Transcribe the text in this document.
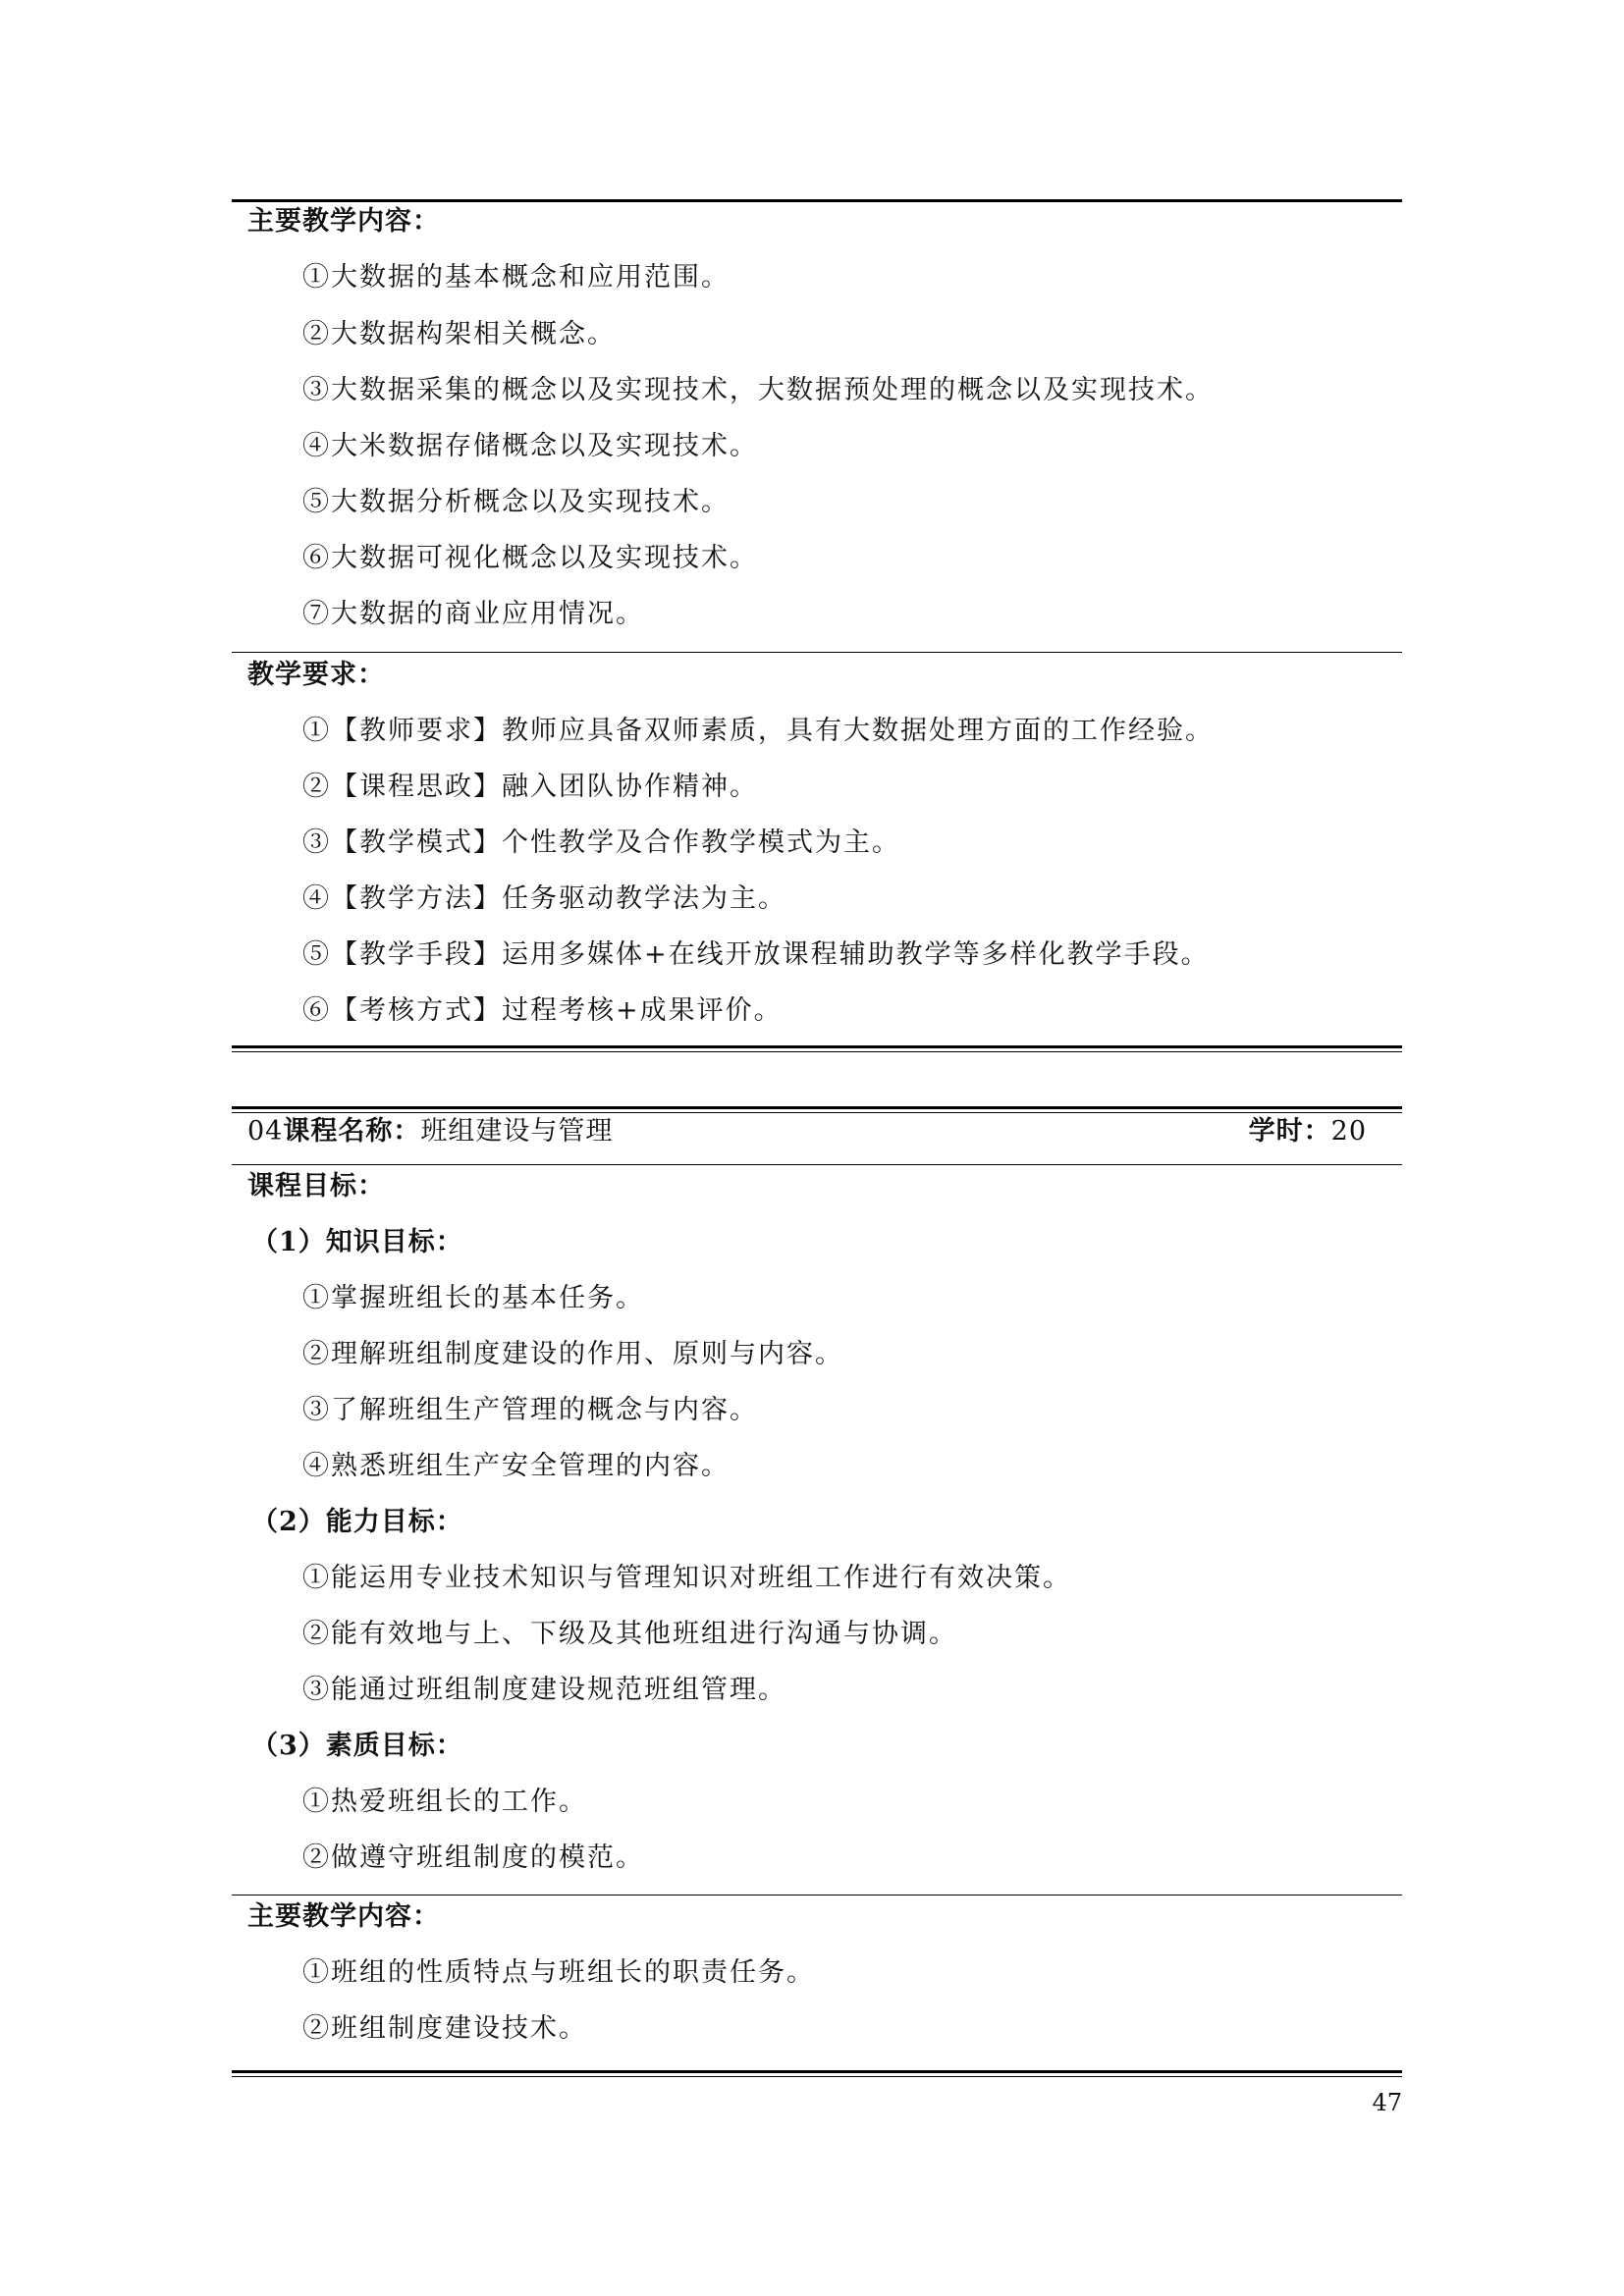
主要教学内容：
①大数据的基本概念和应用范围。
②大数据构架相关概念。
③大数据采集的概念以及实现技术，大数据预处理的概念以及实现技术。
④大米数据存储概念以及实现技术。
⑤大数据分析概念以及实现技术。
⑥大数据可视化概念以及实现技术。
⑦大数据的商业应用情况。
教学要求：
①【教师要求】教师应具备双师素质，具有大数据处理方面的工作经验。
②【课程思政】融入团队协作精神。
③【教学模式】个性教学及合作教学模式为主。
④【教学方法】任务驱动教学法为主。
⑤【教学手段】运用多媒体+在线开放课程辅助教学等多样化教学手段。
⑥【考核方式】过程考核+成果评价。
04课程名称：班组建设与管理	学时：20
课程目标：
（1）知识目标：
①掌握班组长的基本任务。
②理解班组制度建设的作用、原则与内容。
③了解班组生产管理的概念与内容。
④熟悉班组生产安全管理的内容。
（2）能力目标：
①能运用专业技术知识与管理知识对班组工作进行有效决策。
②能有效地与上、下级及其他班组进行沟通与协调。
③能通过班组制度建设规范班组管理。
（3）素质目标：
①热爱班组长的工作。
②做遵守班组制度的模范。
主要教学内容：
①班组的性质特点与班组长的职责任务。
②班组制度建设技术。
47
